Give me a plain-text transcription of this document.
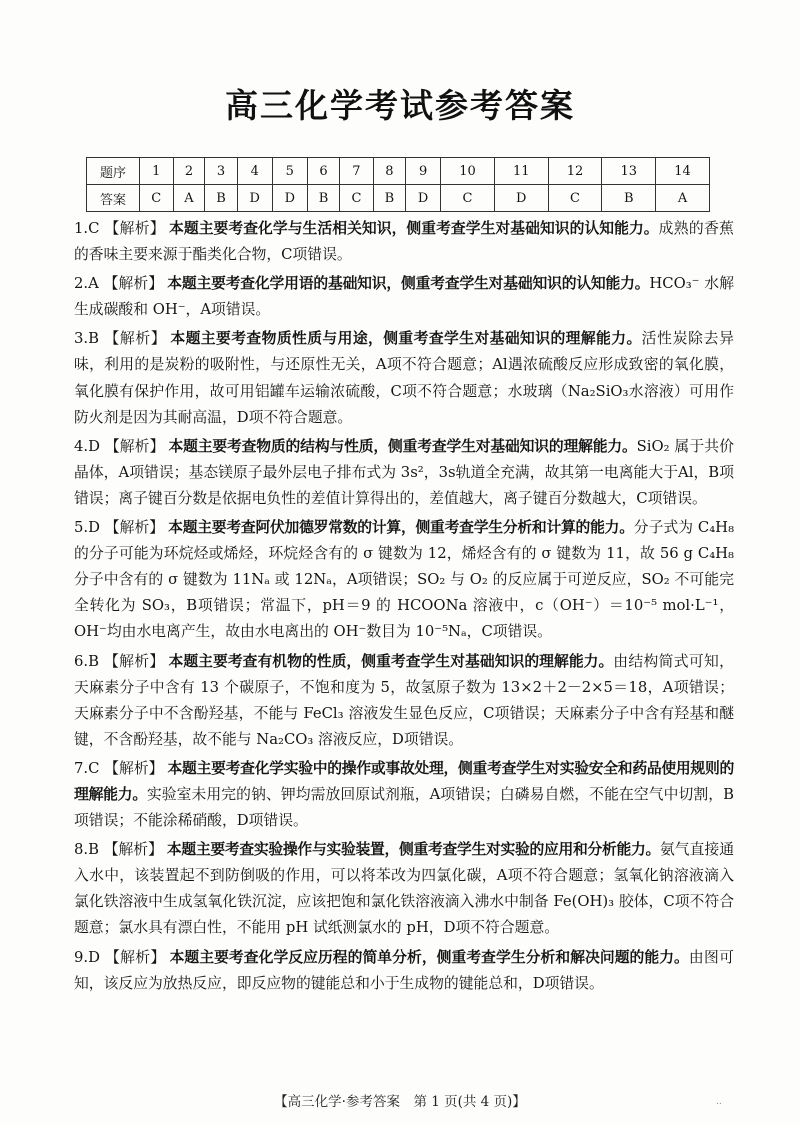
高三化学考试参考答案
题序	1	2	3	4	5	6	7	8	9	10	11	12	13	14
答案	C	A	B	D	D	B	C	B	D	C	D	C	B	A

1.C 【解析】 本题主要考查化学与生活相关知识，侧重考查学生对基础知识的认知能力。成熟的香蕉的香味主要来源于酯类化合物，C项错误。

2.A 【解析】 本题主要考查化学用语的基础知识，侧重考查学生对基础知识的认知能力。HCO₃⁻ 水解生成碳酸和 OH⁻，A项错误。

3.B 【解析】 本题主要考查物质性质与用途，侧重考查学生对基础知识的理解能力。活性炭除去异味，利用的是炭粉的吸附性，与还原性无关，A项不符合题意；Al遇浓硫酸反应形成致密的氧化膜，氧化膜有保护作用，故可用铝罐车运输浓硫酸，C项不符合题意；水玻璃（Na₂SiO₃水溶液）可用作防火剂是因为其耐高温，D项不符合题意。

4.D 【解析】 本题主要考查物质的结构与性质，侧重考查学生对基础知识的理解能力。SiO₂ 属于共价晶体，A项错误；基态镁原子最外层电子排布式为 3s²，3s轨道全充满，故其第一电离能大于Al，B项错误；离子键百分数是依据电负性的差值计算得出的，差值越大，离子键百分数越大，C项错误。

5.D 【解析】 本题主要考查阿伏加德罗常数的计算，侧重考查学生分析和计算的能力。分子式为 C₄H₈ 的分子可能为环烷烃或烯烃，环烷烃含有的 σ 键数为 12，烯烃含有的 σ 键数为 11，故 56 g C₄H₈ 分子中含有的 σ 键数为 11Nₐ 或 12Nₐ，A项错误；SO₂ 与 O₂ 的反应属于可逆反应，SO₂ 不可能完全转化为 SO₃，B项错误；常温下，pH＝9 的 HCOONa 溶液中，c（OH⁻）＝10⁻⁵ mol·L⁻¹，OH⁻均由水电离产生，故由水电离出的 OH⁻数目为 10⁻⁵Nₐ，C项错误。

6.B 【解析】 本题主要考查有机物的性质，侧重考查学生对基础知识的理解能力。由结构简式可知，天麻素分子中含有 13 个碳原子，不饱和度为 5，故氢原子数为 13×2＋2－2×5＝18，A项错误；天麻素分子中不含酚羟基，不能与 FeCl₃ 溶液发生显色反应，C项错误；天麻素分子中含有羟基和醚键，不含酚羟基，故不能与 Na₂CO₃ 溶液反应，D项错误。

7.C 【解析】 本题主要考查化学实验中的操作或事故处理，侧重考查学生对实验安全和药品使用规则的理解能力。实验室未用完的钠、钾均需放回原试剂瓶，A项错误；白磷易自燃，不能在空气中切割，B项错误；不能涂稀硝酸，D项错误。

8.B 【解析】 本题主要考查实验操作与实验装置，侧重考查学生对实验的应用和分析能力。氨气直接通入水中，该装置起不到防倒吸的作用，可以将苯改为四氯化碳，A项不符合题意；氢氧化钠溶液滴入氯化铁溶液中生成氢氧化铁沉淀，应该把饱和氯化铁溶液滴入沸水中制备 Fe(OH)₃ 胶体，C项不符合题意；氯水具有漂白性，不能用 pH 试纸测氯水的 pH，D项不符合题意。

9.D 【解析】 本题主要考查化学反应历程的简单分析，侧重考查学生分析和解决问题的能力。由图可知，该反应为放热反应，即反应物的键能总和小于生成物的键能总和，D项错误。

【高三化学·参考答案　第 1 页(共 4 页)】	..
